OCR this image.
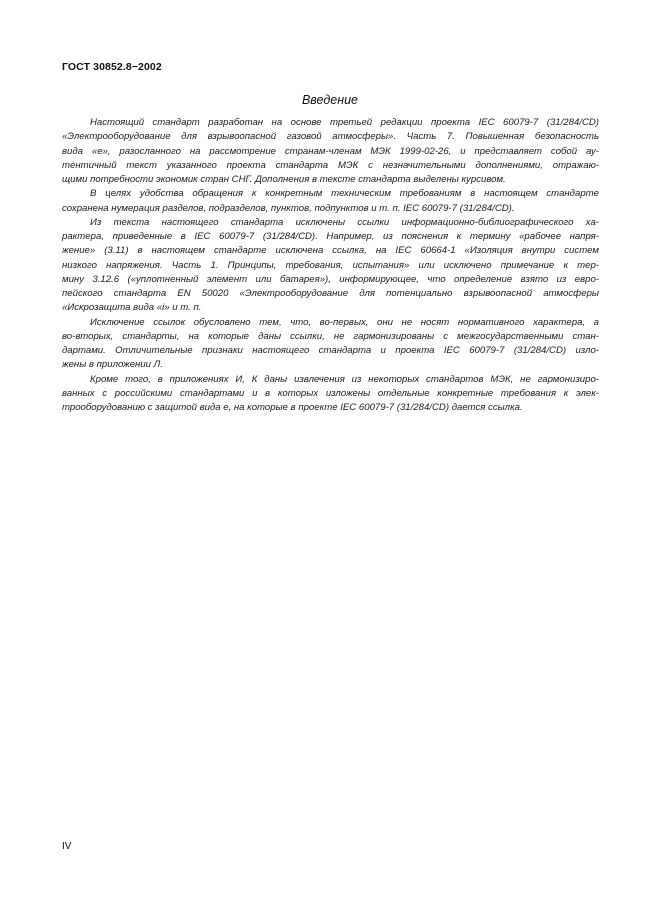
ГОСТ 30852.8−2002
Введение
Настоящий стандарт разработан на основе третьей редакции проекта IEC 60079-7 (31/284/CD)
«Электрооборудование для взрывоопасной газовой атмосферы». Часть 7. Повышенная безопасность
вида «е», разосланного на рассмотрение странам-членам МЭК 1999-02-26, и представляет собой ау-
тентичный текст указанного проекта стандарта МЭК с незначительными дополнениями, отражаю-
щими потребности экономик стран СНГ. Дополнения в тексте стандарта выделены курсивом.
В целях удобства обращения к конкретным техническим требованиям в настоящем стандарте
сохранена нумерация разделов, подразделов, пунктов, подпунктов и т. п. IEC 60079-7 (31/284/CD).
Из текста настоящего стандарта исключены ссылки информационно-библиографического ха-
рактера, приведенные в IEC 60079-7 (31/284/CD). Например, из пояснения к термину «рабочее напря-
жение» (3.11) в настоящем стандарте исключена ссылка, на IEC 60664-1 «Изоляция внутри систем
низкого напряжения. Часть 1. Принципы, требования, испытания» или исключено примечание к тер-
мину 3.12.6 («уплотненный элемент или батарея»), информирующее, что определение взято из евро-
пейского стандарта EN 50020 «Электрооборудование для потенциально взрывоопасной атмосферы
«Искрозащита вида «i» и т. п.
Исключение ссылок обусловлено тем, что, во-первых, они не носят нормативного характера, а
во-вторых, стандарты, на которые даны ссылки, не гармонизированы с межгосударственными стан-
дартами. Отличительные признаки настоящего стандарта и проекта IEC 60079-7 (31/284/CD) изло-
жены в приложении Л.
Кроме того, в приложениях И, К даны извлечения из некоторых стандартов МЭК, не гармонизиро-
ванных с российскими стандартами и в которых изложены отдельные конкретные требования к элек-
трооборудованию с защитой вида е, на которые в проекте IEC 60079-7 (31/284/CD) дается ссылка.
IV
